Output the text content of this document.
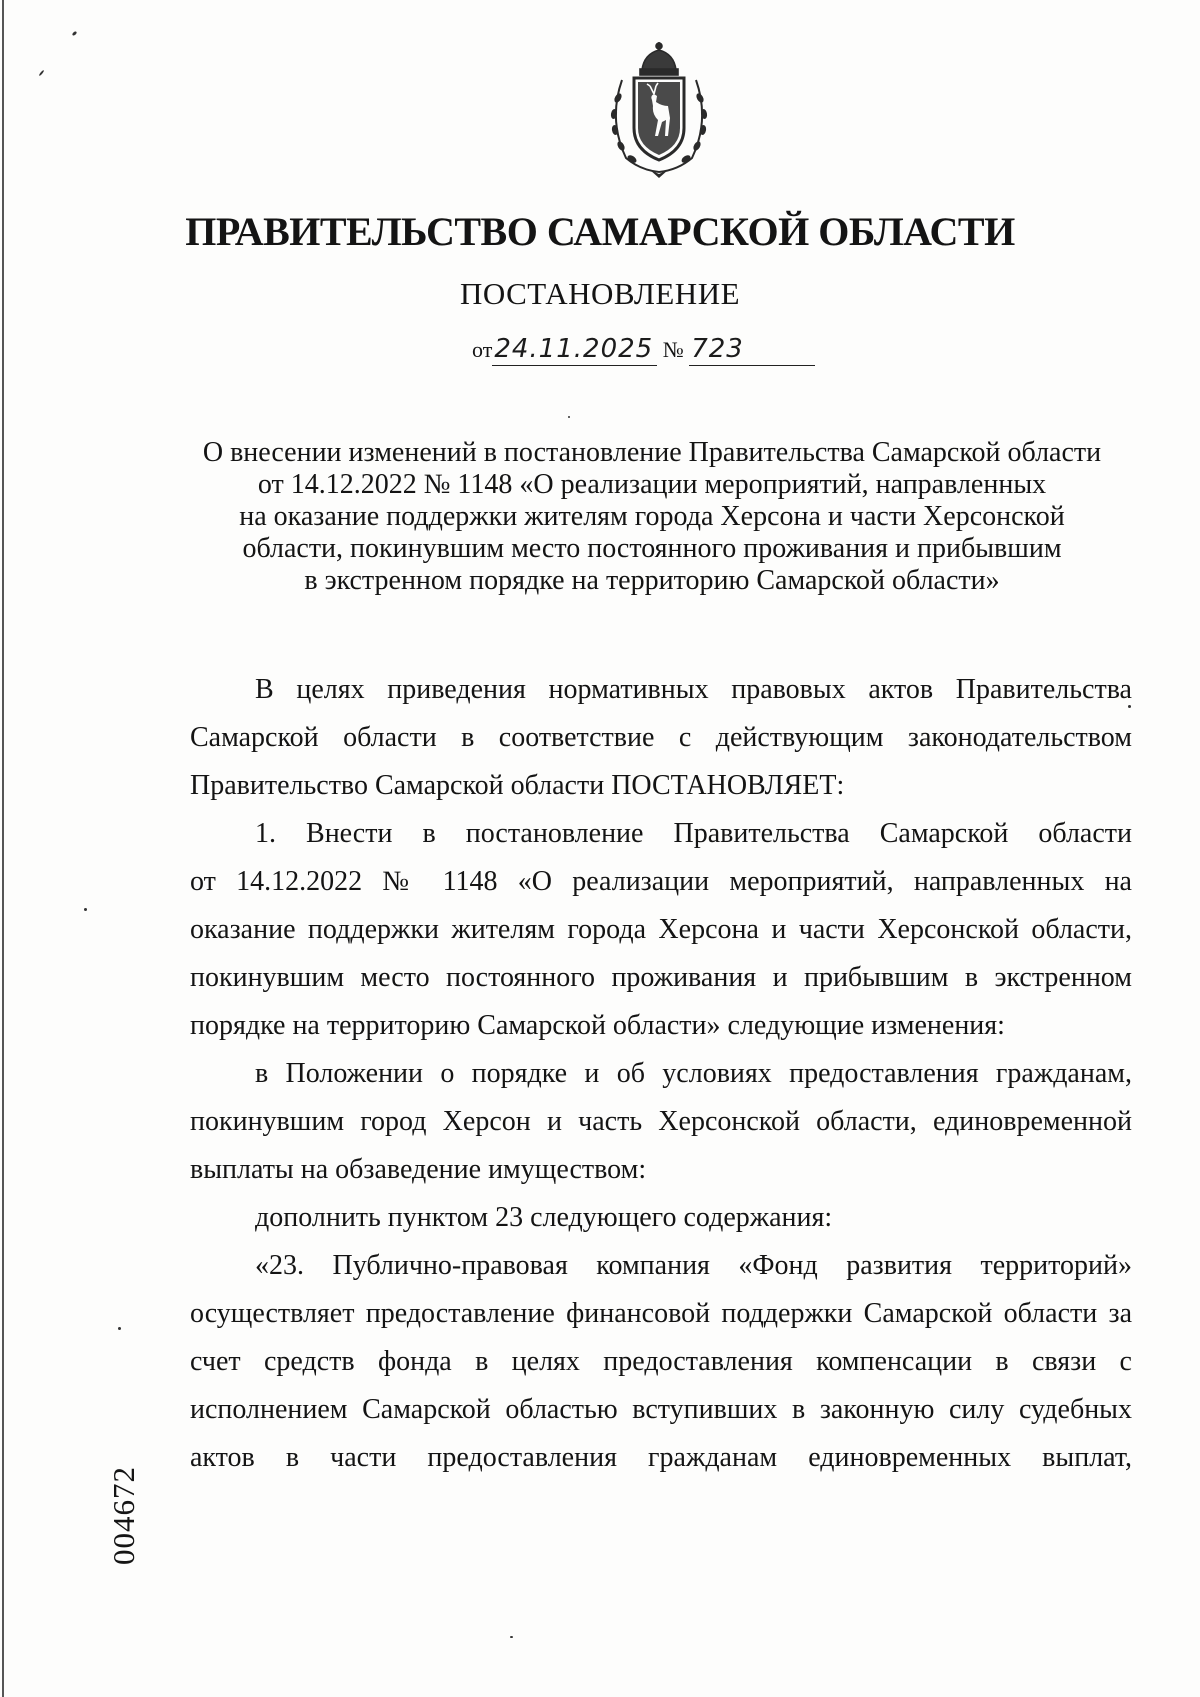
ПРАВИТЕЛЬСТВО САМАРСКОЙ ОБЛАСТИ
ПОСТАНОВЛЕНИЕ
от24.11.2025 № 723
О внесении изменений в постановление Правительства Самарской области
от 14.12.2022 № 1148 «О реализации мероприятий, направленных
на оказание поддержки жителям города Херсона и части Херсонской
области, покинувшим место постоянного проживания и прибывшим
в экстренном порядке на территорию Самарской области»
В целях приведения нормативных правовых актов Правительства
Самарской области в соответствие с действующим законодательством
Правительство Самарской области ПОСТАНОВЛЯЕТ:
1. Внести в постановление Правительства Самарской области
от 14.12.2022 № 1148 «О реализации мероприятий, направленных на
оказание поддержки жителям города Херсона и части Херсонской области,
покинувшим место постоянного проживания и прибывшим в экстренном
порядке на территорию Самарской области» следующие изменения:
в Положении о порядке и об условиях предоставления гражданам,
покинувшим город Херсон и часть Херсонской области, единовременной
выплаты на обзаведение имуществом:
дополнить пунктом 23 следующего содержания:
«23. Публично-правовая компания «Фонд развития территорий»
осуществляет предоставление финансовой поддержки Самарской области за
счет средств фонда в целях предоставления компенсации в связи с
исполнением Самарской областью вступивших в законную силу судебных
актов в части предоставления гражданам единовременных выплат,
004672
